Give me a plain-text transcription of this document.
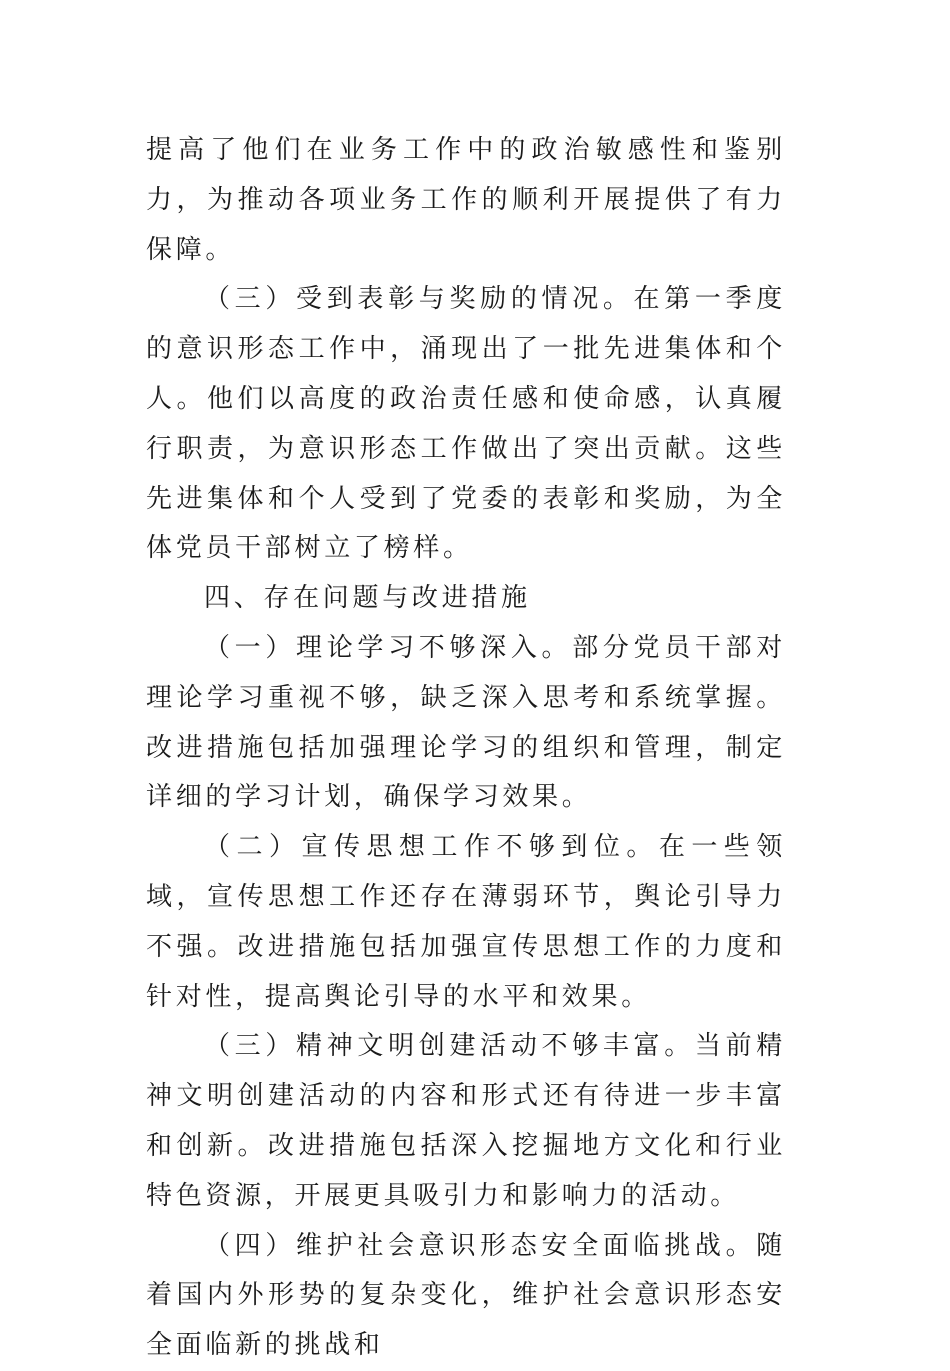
提高了他们在业务工作中的政治敏感性和鉴别力，为推动各项业务工作的顺利开展提供了有力保障。

（三）受到表彰与奖励的情况。在第一季度的意识形态工作中，涌现出了一批先进集体和个人。他们以高度的政治责任感和使命感，认真履行职责，为意识形态工作做出了突出贡献。这些先进集体和个人受到了党委的表彰和奖励，为全体党员干部树立了榜样。

四、存在问题与改进措施

（一）理论学习不够深入。部分党员干部对理论学习重视不够，缺乏深入思考和系统掌握。改进措施包括加强理论学习的组织和管理，制定详细的学习计划，确保学习效果。

（二）宣传思想工作不够到位。在一些领域，宣传思想工作还存在薄弱环节，舆论引导力不强。改进措施包括加强宣传思想工作的力度和针对性，提高舆论引导的水平和效果。

（三）精神文明创建活动不够丰富。当前精神文明创建活动的内容和形式还有待进一步丰富和创新。改进措施包括深入挖掘地方文化和行业特色资源，开展更具吸引力和影响力的活动。

（四）维护社会意识形态安全面临挑战。随着国内外形势的复杂变化，维护社会意识形态安全面临新的挑战和
